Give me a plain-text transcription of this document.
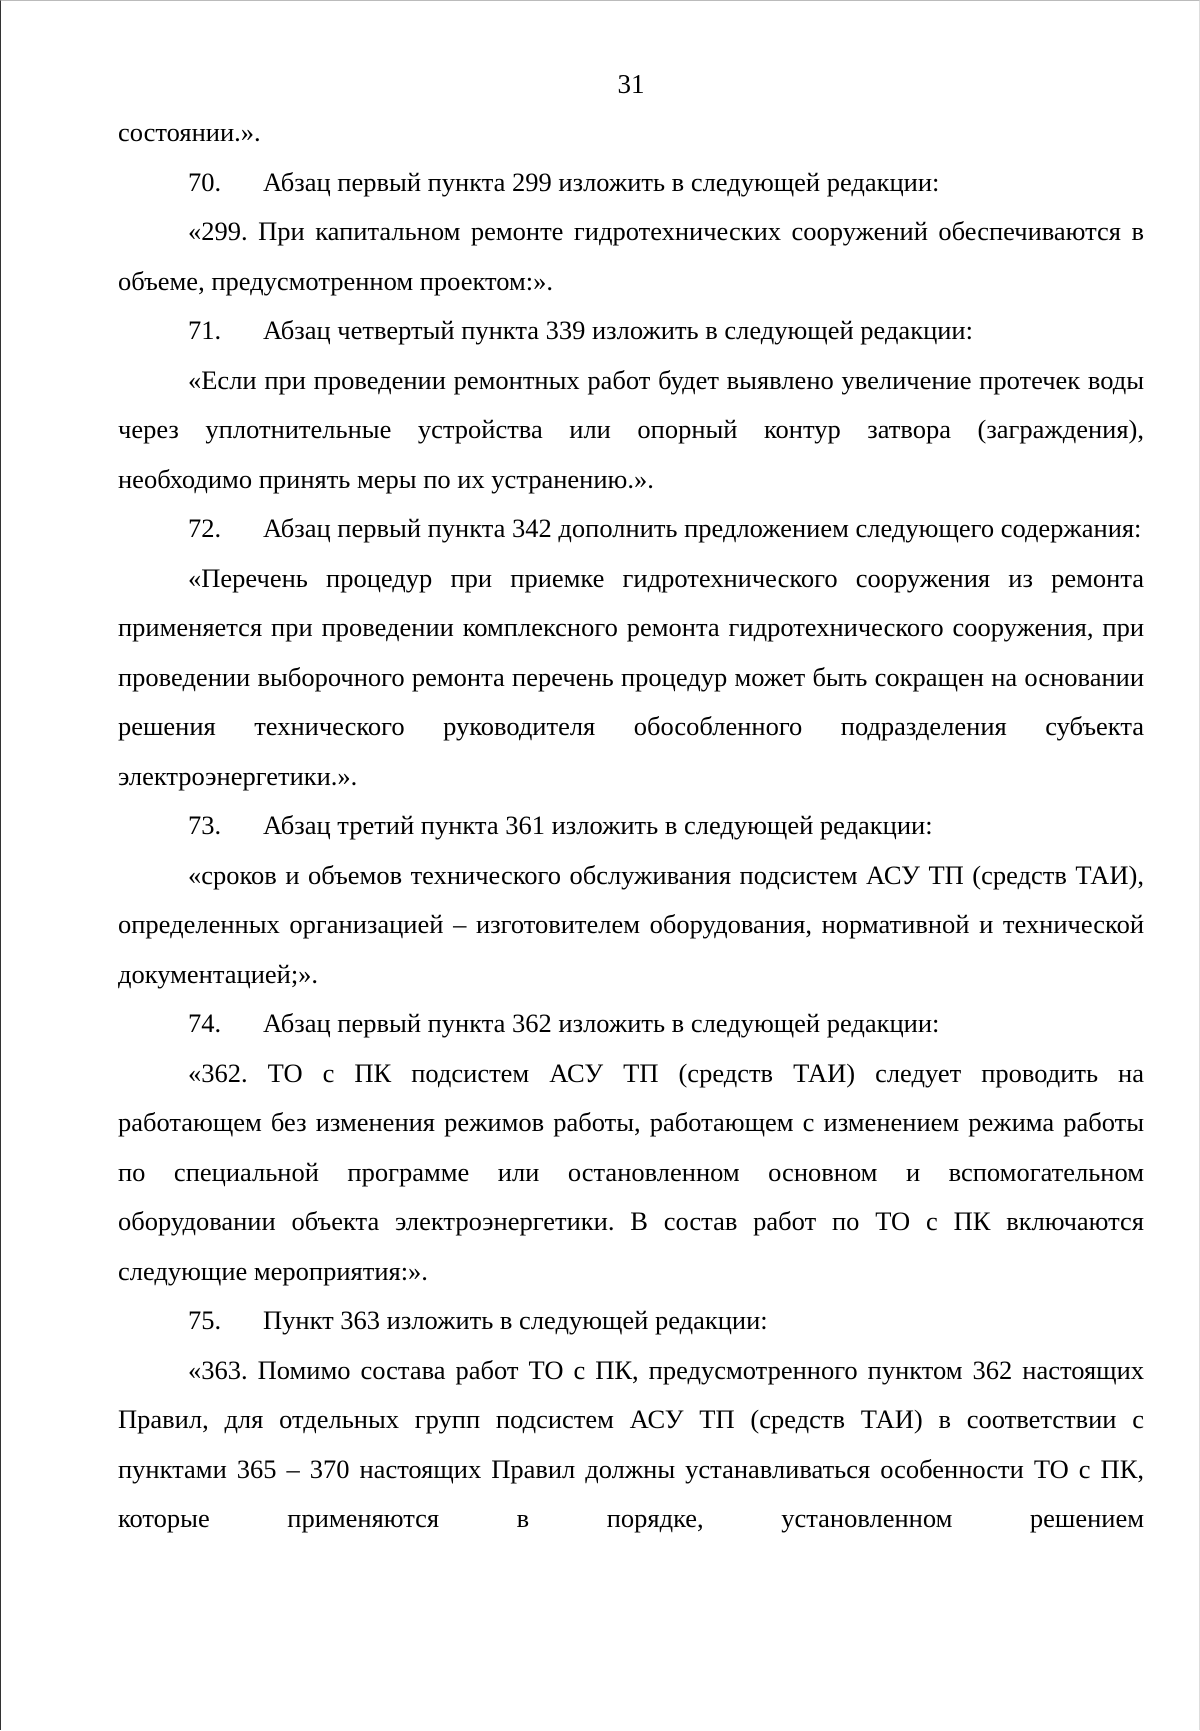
31

состоянии.».

70. Абзац первый пункта 299 изложить в следующей редакции:

«299. При капитальном ремонте гидротехнических сооружений обеспечиваются в объеме, предусмотренном проектом:».

71. Абзац четвертый пункта 339 изложить в следующей редакции:

«Если при проведении ремонтных работ будет выявлено увеличение протечек воды через уплотнительные устройства или опорный контур затвора (заграждения), необходимо принять меры по их устранению.».

72. Абзац первый пункта 342 дополнить предложением следующего содержания:

«Перечень процедур при приемке гидротехнического сооружения из ремонта применяется при проведении комплексного ремонта гидротехнического сооружения, при проведении выборочного ремонта перечень процедур может быть сокращен на основании решения технического руководителя обособленного подразделения субъекта электроэнергетики.».

73. Абзац третий пункта 361 изложить в следующей редакции:

«сроков и объемов технического обслуживания подсистем АСУ ТП (средств ТАИ), определенных организацией – изготовителем оборудования, нормативной и технической документацией;».

74. Абзац первый пункта 362 изложить в следующей редакции:

«362. ТО с ПК подсистем АСУ ТП (средств ТАИ) следует проводить на работающем без изменения режимов работы, работающем с изменением режима работы по специальной программе или остановленном основном и вспомогательном оборудовании объекта электроэнергетики. В состав работ по ТО с ПК включаются следующие мероприятия:».

75. Пункт 363 изложить в следующей редакции:

«363. Помимо состава работ ТО с ПК, предусмотренного пунктом 362 настоящих Правил, для отдельных групп подсистем АСУ ТП (средств ТАИ) в соответствии с пунктами 365 – 370 настоящих Правил должны устанавливаться особенности ТО с ПК, которые применяются в порядке, установленном решением
